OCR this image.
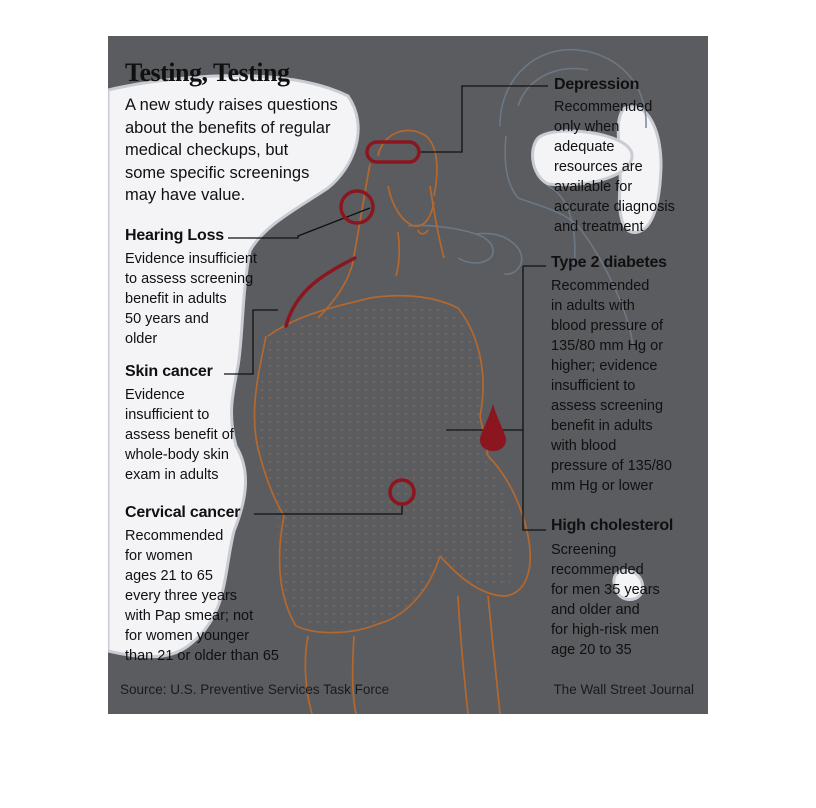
Testing, Testing
A new study raises questions
about the benefits of regular
medical checkups, but
some specific screenings
may have value.
Hearing Loss
Evidence insufficient
to assess screening
benefit in adults
50 years and
older
Skin cancer
Evidence
insufficient to
assess benefit of
whole-body skin
exam in adults
Cervical cancer
Recommended
for women
ages 21 to 65
every three years
with Pap smear; not
for women younger
than 21 or older than 65
Depression
Recommended
only when
adequate
resources are
available for
accurate diagnosis
and treatment
Type 2 diabetes
Recommended
in adults with
blood pressure of
135/80 mm Hg or
higher; evidence
insufficient to
assess screening
benefit in adults
with blood
pressure of 135/80
mm Hg or lower
High cholesterol
Screening
recommended
for men 35 years
and older and
for high-risk men
age 20 to 35
Source: U.S. Preventive Services Task Force	The Wall Street Journal
